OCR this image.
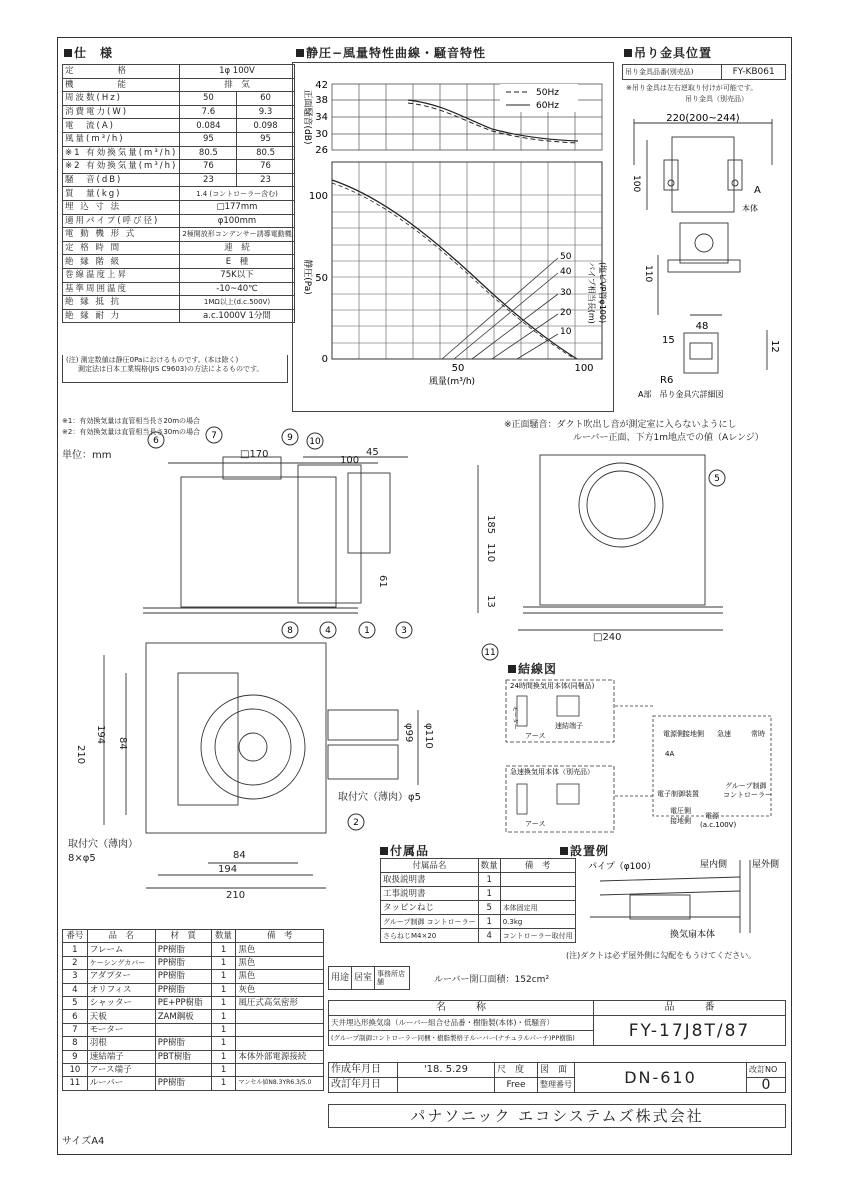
仕　様
定　　　　格	1φ 100V	
機　　　　能	排　気	
周波数(Hz)	50	60
消費電力(W)	7.6	9.3
電　流(A)	0.084	0.098
風量(m³/h)	95	95
※1 有効換気量(m³/h)	80.5	80.5
※2 有効換気量(m³/h)	76	76
騒　音(dB)	23	23
質　量(kg)	1.4 (コントローラー含む)	
埋 込 寸 法	□177mm	
適用パイプ(呼び径)	φ100mm	
電 動 機 形 式	2極開放形コンデンサー誘導電動機	
定 格 時 間	連　続	
絶 縁 階 級	E　種	
巻線温度上昇	75K以下	
基準周囲温度	-10~40℃	
絶 縁 抵 抗	1MΩ以上(d.c.500V)	
絶 縁 耐 力	a.c.1000V 1分間	
(注) 測定数値は静圧0Paにおけるものです。(本は除く)
測定法は日本工業規格(JIS C9603)の方法によるものです。
※1：有効換気量は直管相当長さ20mの場合
※2：有効換気量は直管相当長さ30mの場合
単位：mm
静圧−風量特性曲線・騒音特性
50Hz
60Hz
正面騒音(dB)
42
38
34
30
26
50
40
30
20
10
パイプ相当長(m) (塩ビVP管φ100)
静圧(Pa)
100
50
0
50	100
風量(m³/h)
※正面騒音：ダクト吹出し音が測定室に入らないようにし
ルーバー正面、下方1m地点での値（Aレンジ）
吊り金具位置
吊り金具品番(別売品)	FY-KB061
※吊り金具は左右逆取り付けが可能です。
吊り金具（別売品）
220(200~244)
100
110
48
15	12
R6
A
本体
A部　吊り金具穴詳細図
□170
100
45
61
185
110
13
□240
210
194 84
φ99 φ110
取付穴（薄肉）φ5
取付穴（薄肉）
8×φ5	84
194
210
6	7	9 10
5
11
8	4	1	3
2
結線図
24時間換気用本体(同梱品)
急速換気用本体（別売品）
モーター	速結端子
アース
アース
電子制御装置
グループ制御
コントローラー
電源
(a.c.100V)
電圧側
接地側
電源側 接地側 急速	常時
4A
付属品
付属品名	数量	備　考
取扱説明書	1	
工事説明書	1	
タッピンねじ	5	本体固定用
グループ制御 コントローラー	1	0.3kg
さらねじM4×20	4	コントローラー取付用
設置例
パイプ（φ100）	屋内側	屋外側
換気扇本体
(注)ダクトは必ず屋外側に勾配をもうけてください。
番号	品　名	材　質	数量	備　考
1	フレーム	PP樹脂	1	黒色
2	ケーシングカバー	PP樹脂	1	黒色
3	アダプター	PP樹脂	1	黒色
4	オリフィス	PP樹脂	1	灰色
5	シャッター	PE+PP樹脂	1	風圧式高気密形
6	天板	ZAM鋼板	1	
7	モーター		1	
8	羽根	PP樹脂	1	
9	速結端子	PBT樹脂	1	本体外部電源接続
10	アース端子		1	
11	ルーバー	PP樹脂	1	マンセル値N8.3YR6.3/5.0
用途	居室	事務所店舗	ルーバー開口面積：152cm²
名　　　称	品　　　番
天井埋込形換気扇（ルーバー組合せ品番・樹脂製(本体)・低騒音）	FY-17J8T/87
(グループ制御コントローラー同梱・樹脂製格子ルーバー(ナチュラルパーチ)PP樹脂)	
作成年月日	'18. 5.29	尺　度	図　面	DN-610	改訂NO
改訂年月日		Free	整理番号		0
パナソニック エコシステムズ株式会社
サイズA4
